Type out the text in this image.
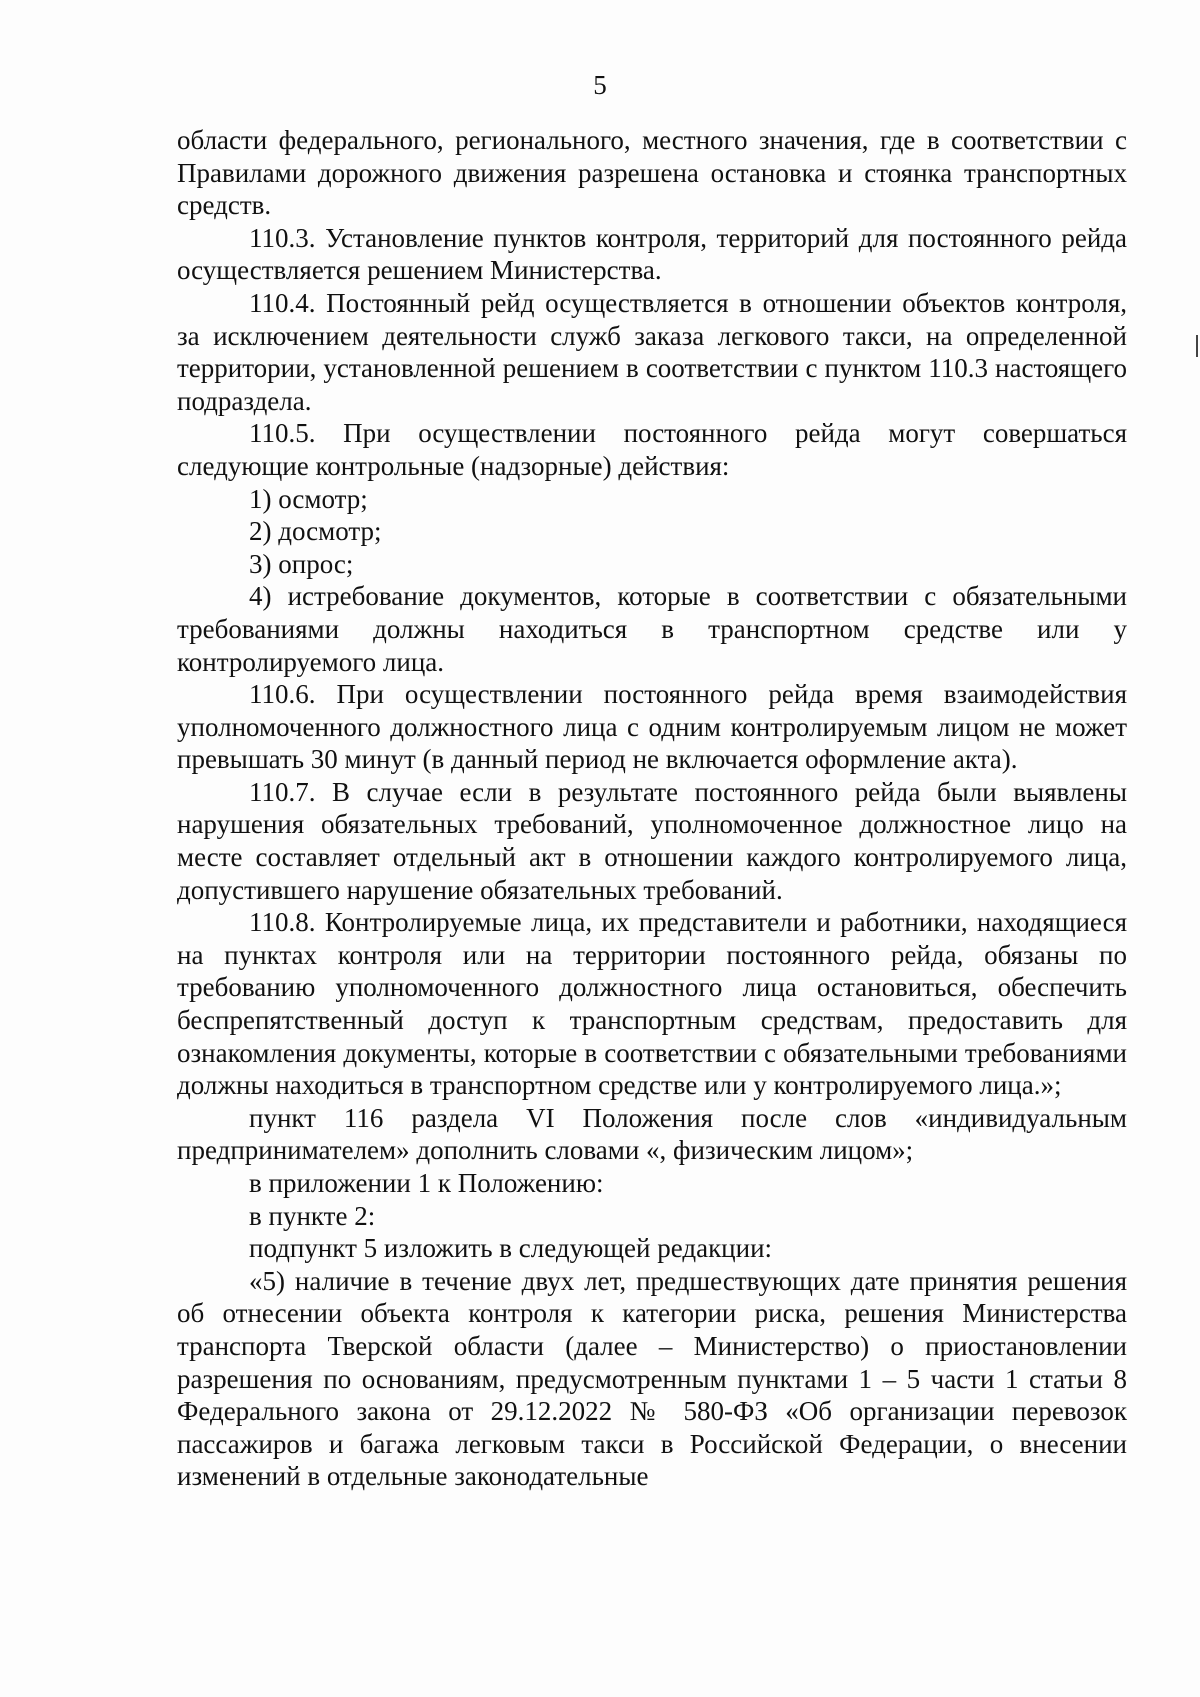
5

области федерального, регионального, местного значения, где в соответствии с Правилами дорожного движения разрешена остановка и стоянка транспортных средств.

110.3. Установление пунктов контроля, территорий для постоянного рейда осуществляется решением Министерства.

110.4. Постоянный рейд осуществляется в отношении объектов контроля, за исключением деятельности служб заказа легкового такси, на определенной территории, установленной решением в соответствии с пунктом 110.3 настоящего подраздела.

110.5. При осуществлении постоянного рейда могут совершаться следующие контрольные (надзорные) действия:

1) осмотр;

2) досмотр;

3) опрос;

4) истребование документов, которые в соответствии с обязательными требованиями должны находиться в транспортном средстве или у контролируемого лица.

110.6. При осуществлении постоянного рейда время взаимодействия уполномоченного должностного лица с одним контролируемым лицом не может превышать 30 минут (в данный период не включается оформление акта).

110.7. В случае если в результате постоянного рейда были выявлены нарушения обязательных требований, уполномоченное должностное лицо на месте составляет отдельный акт в отношении каждого контролируемого лица, допустившего нарушение обязательных требований.

110.8. Контролируемые лица, их представители и работники, находящиеся на пунктах контроля или на территории постоянного рейда, обязаны по требованию уполномоченного должностного лица остановиться, обеспечить беспрепятственный доступ к транспортным средствам, предоставить для ознакомления документы, которые в соответствии с обязательными требованиями должны находиться в транспортном средстве или у контролируемого лица.»;

пункт 116 раздела VI Положения после слов «индивидуальным предпринимателем» дополнить словами «, физическим лицом»;

в приложении 1 к Положению:

в пункте 2:

подпункт 5 изложить в следующей редакции:

«5) наличие в течение двух лет, предшествующих дате принятия решения об отнесении объекта контроля к категории риска, решения Министерства транспорта Тверской области (далее – Министерство) о приостановлении разрешения по основаниям, предусмотренным пунктами 1 – 5 части 1 статьи 8 Федерального закона от 29.12.2022 № 580-ФЗ «Об организации перевозок пассажиров и багажа легковым такси в Российской Федерации, о внесении изменений в отдельные законодательные
